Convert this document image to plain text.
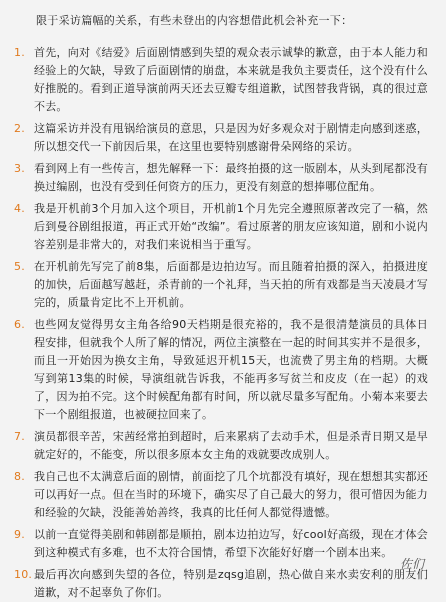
限于采访篇幅的关系，有些未登出的内容想借此机会补充一下：
1. 首先，向对《结爱》后面剧情感到失望的观众表示诚挚的歉意，由于本人能力和经验上的欠缺，导致了后面剧情的崩盘，本来就是我负主要责任，这个没有什么好推脱的。看到正道导演前两天还去豆瓣专组道歉，试图替我背锅，真的很过意不去。
2. 这篇采访并没有甩锅给演员的意思，只是因为好多观众对于剧情走向感到迷惑，所以想交代一下前因后果，在这里也要特别感谢骨朵网络的采访。
3. 看到网上有一些传言，想先解释一下：最终拍摄的这一版剧本，从头到尾都没有换过编剧，也没有受到任何资方的压力，更没有刻意的想捧哪位配角。
4. 我是开机前3个月加入这个项目，开机前1个月先完全遵照原著改完了一稿，然后到曼谷剧组报道，再正式开始“改编”。看过原著的朋友应该知道，剧和小说内容差别是非常大的，对我们来说相当于重写。
5. 在开机前先写完了前8集，后面都是边拍边写。而且随着拍摄的深入，拍摄进度的加快，后面越写越赶，杀青前的一个礼拜，当天拍的所有戏都是当天凌晨才写完的，质量肯定比不上开机前。
6. 也些网友觉得男女主角各给90天档期是很充裕的，我不是很清楚演员的具体日程安排，但就我个人所了解的情况，两位主演整在一起的时间其实并不是很多，而且一开始因为换女主角，导致延迟开机15天，也流费了男主角的档期。大概写到第13集的时候，导演组就告诉我，不能再多写贫兰和皮皮（在一起）的戏了，因为拍不完。这个时候配角都有时间，所以就尽量多写配角。小菊本来要去下一个剧组报道，也被硬拉回来了。
7. 演员都很辛苦，宋茜经常拍到超时，后来累病了去动手术，但是杀青日期又是早就定好的，不能变，所以很多原本女主角的戏就要改成别人。
8. 我自己也不太满意后面的剧情，前面挖了几个坑都没有填好，现在想想其实都还可以再好一点。但在当时的环境下，确实尽了自己最大的努力，很可惜因为能力和经验的欠缺，没能善始善终，我真的比任何人都觉得遗憾。
9. 以前一直觉得美剧和韩剧都是顺拍，剧本边拍边写，好cool好高级，现在才体会到这种模式有多难，也不太符合国情，希望下次能好好磨一个剧本出来。
10. 最后再次向感到失望的各位，特别是zqsg追剧，热心做自来水卖安利的朋友们道歉，对不起辜负了你们。
佐们
